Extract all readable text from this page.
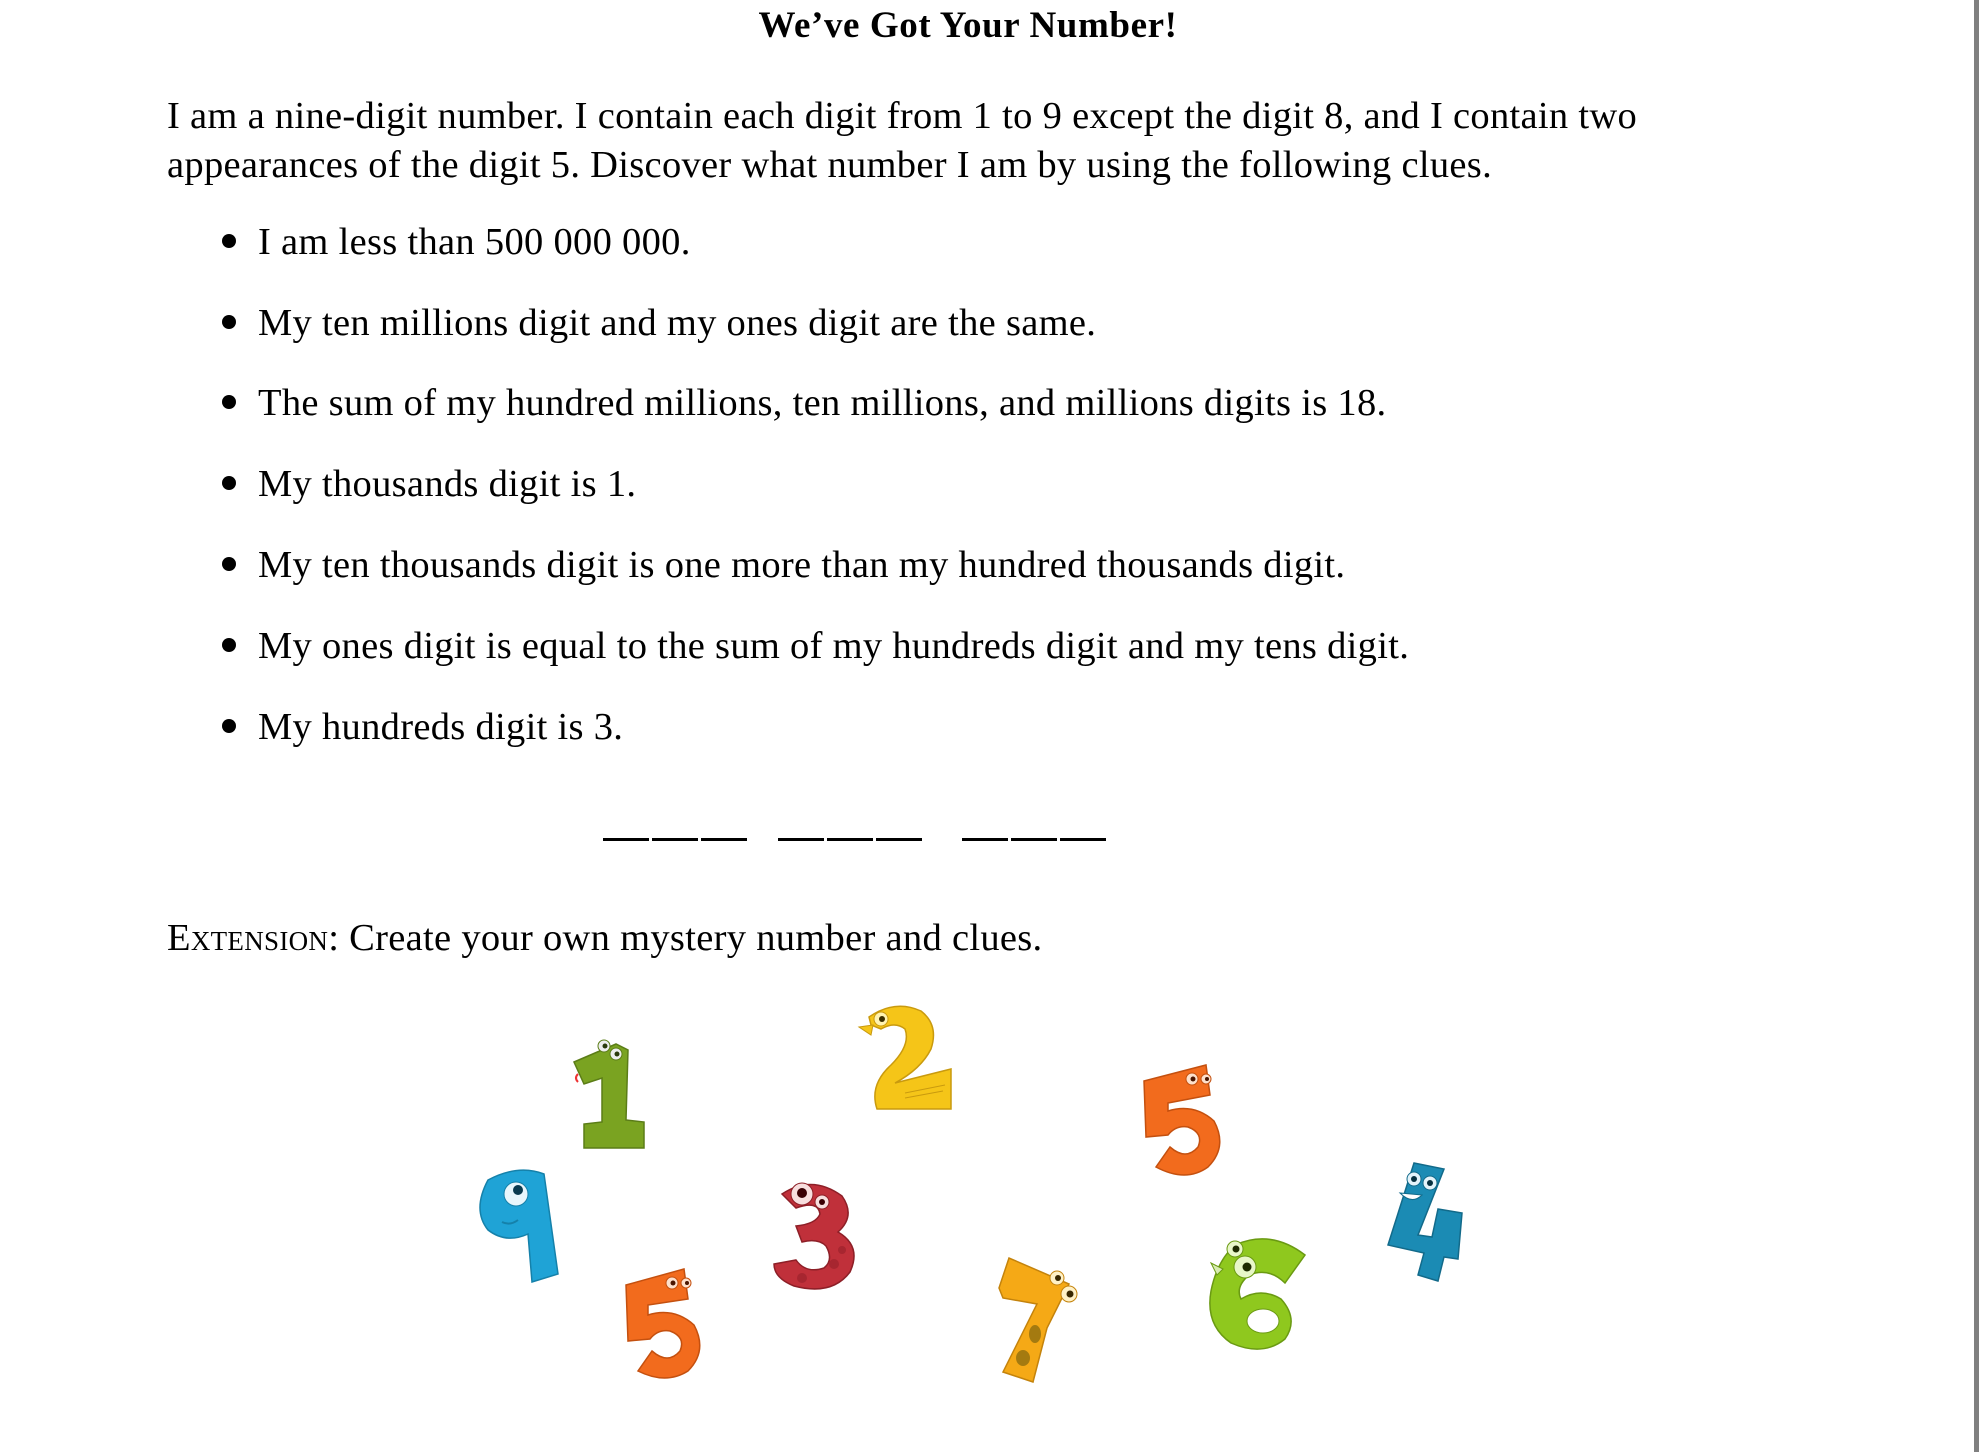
We’ve Got Your Number!
I am a nine-digit number. I contain each digit from 1 to 9 except the digit 8, and I contain two
appearances of the digit 5. Discover what number I am by using the following clues.
I am less than 500 000 000.
My ten millions digit and my ones digit are the same.
The sum of my hundred millions, ten millions, and millions digits is 18.
My thousands digit is 1.
My ten thousands digit is one more than my hundred thousands digit.
My ones digit is equal to the sum of my hundreds digit and my tens digit.
My hundreds digit is 3.
Extension: Create your own mystery number and clues.
